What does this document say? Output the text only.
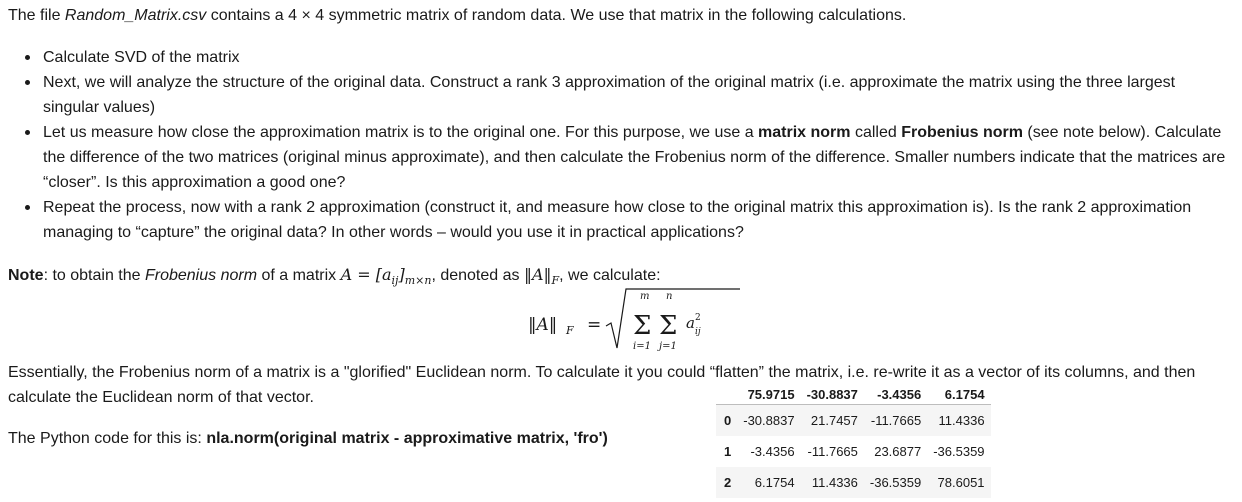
The file Random_Matrix.csv contains a 4 × 4 symmetric matrix of random data. We use that matrix in the following calculations.
Calculate SVD of the matrix
Next, we will analyze the structure of the original data. Construct a rank 3 approximation of the original matrix (i.e. approximate the matrix using the three largest singular values)
Let us measure how close the approximation matrix is to the original one. For this purpose, we use a matrix norm called Frobenius norm (see note below). Calculate the difference of the two matrices (original minus approximate), and then calculate the Frobenius norm of the difference. Smaller numbers indicate that the matrices are “closer”. Is this approximation a good one?
Repeat the process, now with a rank 2 approximation (construct it, and measure how close to the original matrix this approximation is). Is the rank 2 approximation managing to “capture” the original data? In other words – would you use it in practical applications?
Note: to obtain the Frobenius norm of a matrix $A = [a_{ij}]_{m\times n}$, denoted as $‖A‖_F$, we calculate:
‖A‖ F =
m n
Σ Σ
i=1 j=1
a 2
ij
Essentially, the Frobenius norm of a matrix is a "glorified" Euclidean norm. To calculate it you could “flatten” the matrix, i.e. re-write it as a vector of its columns, and then calculate the Euclidean norm of that vector.
The Python code for this is: nla.norm(original matrix - approximative matrix, 'fro')
	75.9715	-30.8837	-3.4356	6.1754
0	-30.8837	21.7457	-11.7665	11.4336
1	-3.4356	-11.7665	23.6877	-36.5359
2	6.1754	11.4336	-36.5359	78.6051
